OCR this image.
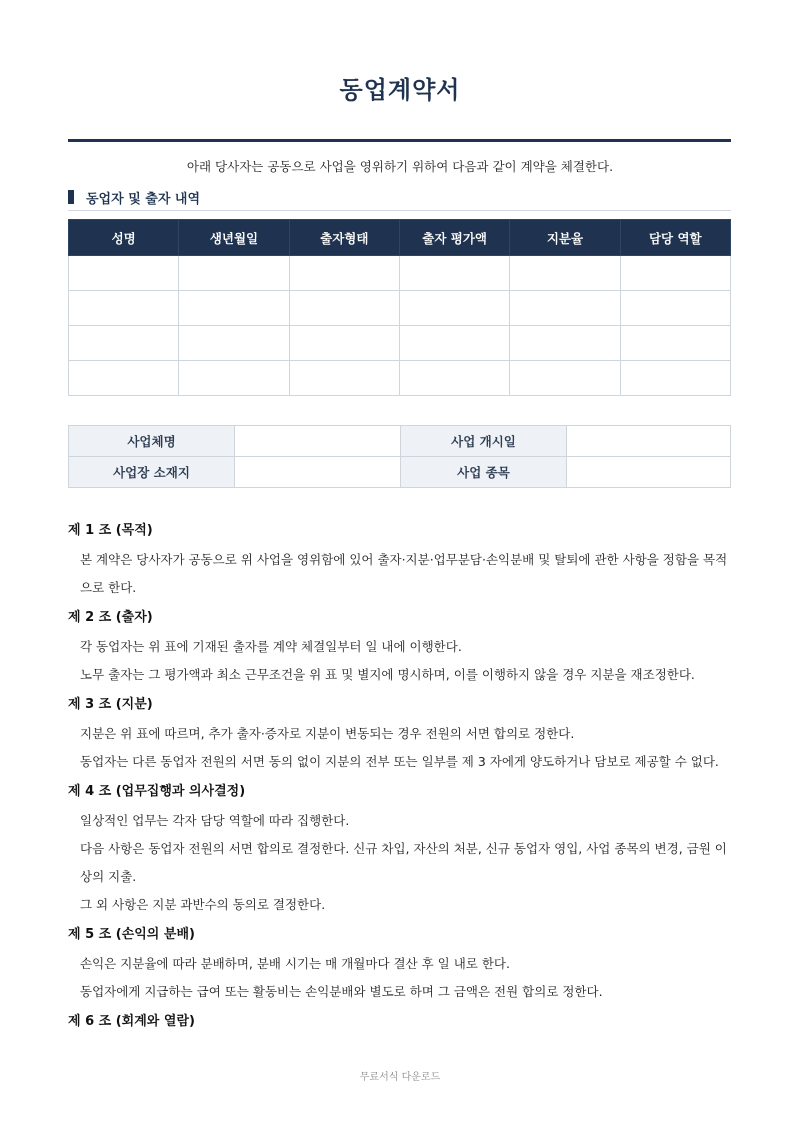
동업계약서
아래 당사자는 공동으로 사업을 영위하기 위하여 다음과 같이 계약을 체결한다.
동업자 및 출자 내역
성명	생년월일	출자형태	출자 평가액	지분율	담당 역할

사업체명		사업 개시일	
사업장 소재지		사업 종목	
제 1 조 (목적)
본 계약은 당사자가 공동으로 위 사업을 영위함에 있어 출자·지분·업무분담·손익분배 및 탈퇴에 관한 사항을 정함을 목적으로 한다.
제 2 조 (출자)
각 동업자는 위 표에 기재된 출자를 계약 체결일부터 일 내에 이행한다.
노무 출자는 그 평가액과 최소 근무조건을 위 표 및 별지에 명시하며, 이를 이행하지 않을 경우 지분을 재조정한다.
제 3 조 (지분)
지분은 위 표에 따르며, 추가 출자·증자로 지분이 변동되는 경우 전원의 서면 합의로 정한다.
동업자는 다른 동업자 전원의 서면 동의 없이 지분의 전부 또는 일부를 제 3 자에게 양도하거나 담보로 제공할 수 없다.
제 4 조 (업무집행과 의사결정)
일상적인 업무는 각자 담당 역할에 따라 집행한다.
다음 사항은 동업자 전원의 서면 합의로 결정한다. 신규 차입, 자산의 처분, 신규 동업자 영입, 사업 종목의 변경, 금원 이상의 지출.
그 외 사항은 지분 과반수의 동의로 결정한다.
제 5 조 (손익의 분배)
손익은 지분율에 따라 분배하며, 분배 시기는 매 개월마다 결산 후 일 내로 한다.
동업자에게 지급하는 급여 또는 활동비는 손익분배와 별도로 하며 그 금액은 전원 합의로 정한다.
제 6 조 (회계와 열람)
무료서식 다운로드
